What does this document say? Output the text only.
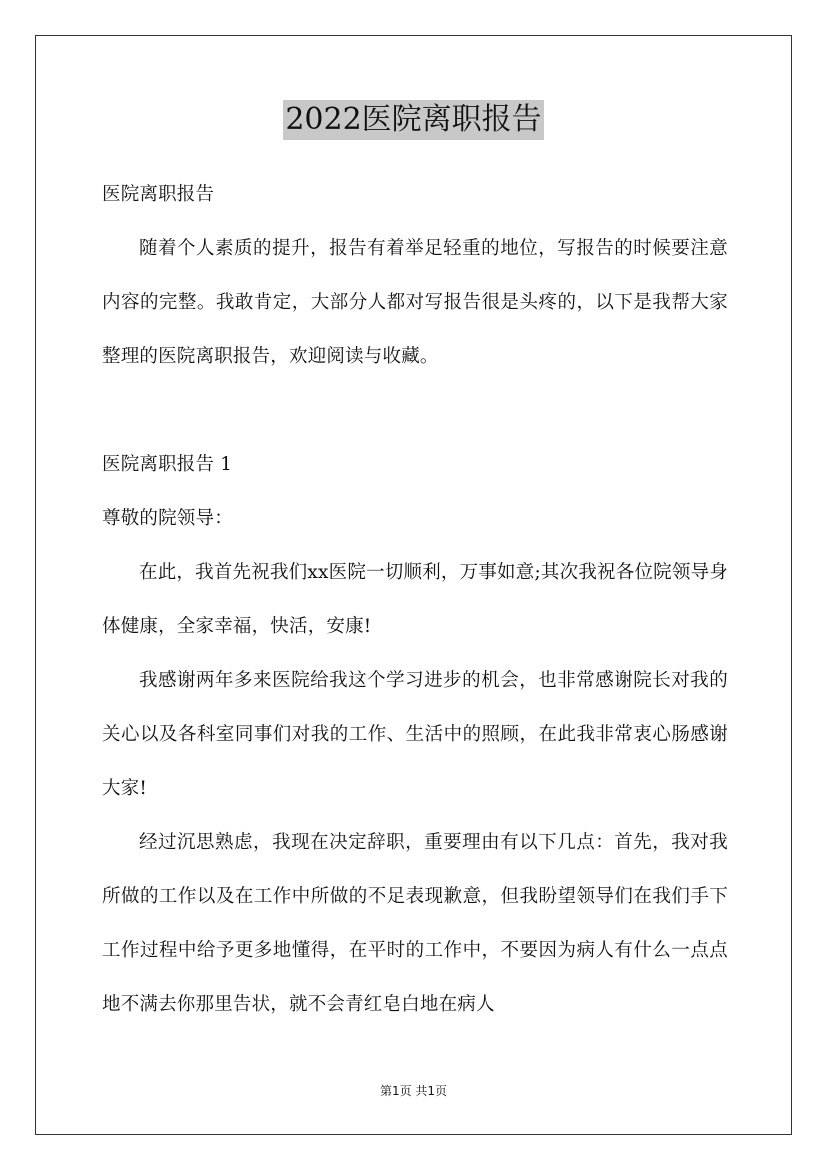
2022医院离职报告

医院离职报告

随着个人素质的提升，报告有着举足轻重的地位，写报告的时候要注意内容的完整。我敢肯定，大部分人都对写报告很是头疼的，以下是我帮大家整理的医院离职报告，欢迎阅读与收藏。

医院离职报告 1

尊敬的院领导：

在此，我首先祝我们xx医院一切顺利，万事如意;其次我祝各位院领导身体健康，全家幸福，快活，安康!

我感谢两年多来医院给我这个学习进步的机会，也非常感谢院长对我的关心以及各科室同事们对我的工作、生活中的照顾，在此我非常衷心肠感谢大家!

经过沉思熟虑，我现在决定辞职，重要理由有以下几点：首先，我对我所做的工作以及在工作中所做的不足表现歉意，但我盼望领导们在我们手下工作过程中给予更多地懂得，在平时的工作中，不要因为病人有什么一点点地不满去你那里告状，就不会青红皂白地在病人

第1页 共1页
